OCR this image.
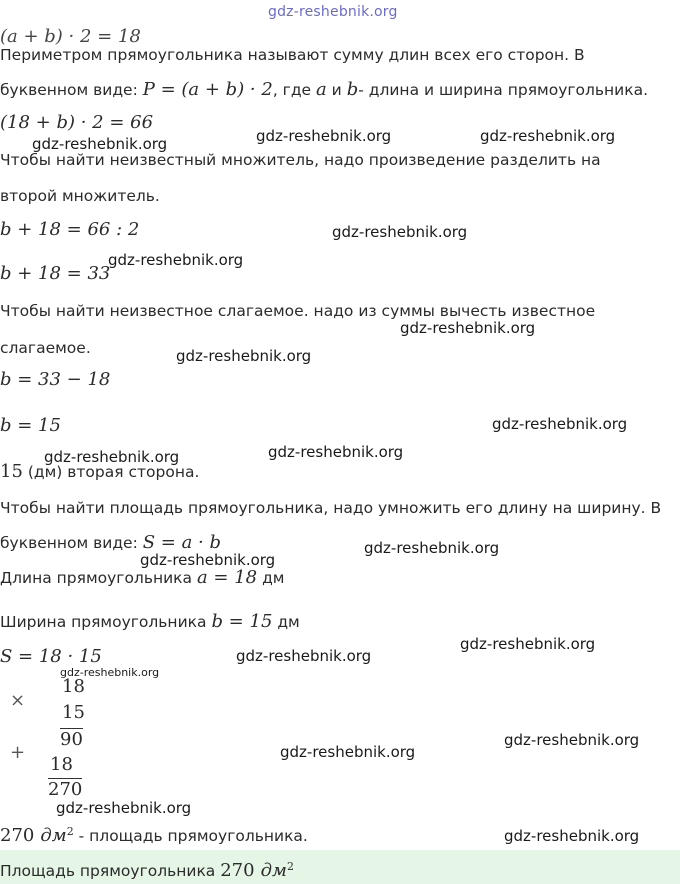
(a + b) · 2 = 18
gdz-reshebnik.org
Периметром прямоугольника называют сумму длин всех его сторон. В
буквенном виде: P = (a + b) · 2, где a и b- длина и ширина прямоугольника.
(18 + b) · 2 = 66
gdz-reshebnik.org	gdz-reshebnik.org	gdz-reshebnik.org
Чтобы найти неизвестный множитель, надо произведение разделить на
второй множитель.
b + 18 = 66 : 2	gdz-reshebnik.org
b + 18 = 33
gdz-reshebnik.org
Чтобы найти неизвестное слагаемое. надо из суммы вычесть известное
gdz-reshebnik.org
слагаемое.	gdz-reshebnik.org
b = 33 − 18
b = 15	gdz-reshebnik.org
gdz-reshebnik.org	gdz-reshebnik.org
15 (дм) вторая сторона.
Чтобы найти площадь прямоугольника, надо умножить его длину на ширину. В
буквенном виде: S = a · b	gdz-reshebnik.org
gdz-reshebnik.org
Длина прямоугольника a = 18 дм
Ширина прямоугольника b = 15 дм
gdz-reshebnik.org
S = 18 · 15	gdz-reshebnik.org
gdz-reshebnik.org
×
18
15
90
+
18
270
gdz-reshebnik.org
gdz-reshebnik.org
gdz-reshebnik.org
270 $дм^2$ - площадь прямоугольника.	gdz-reshebnik.org
Площадь прямоугольника 270 $дм^2$
